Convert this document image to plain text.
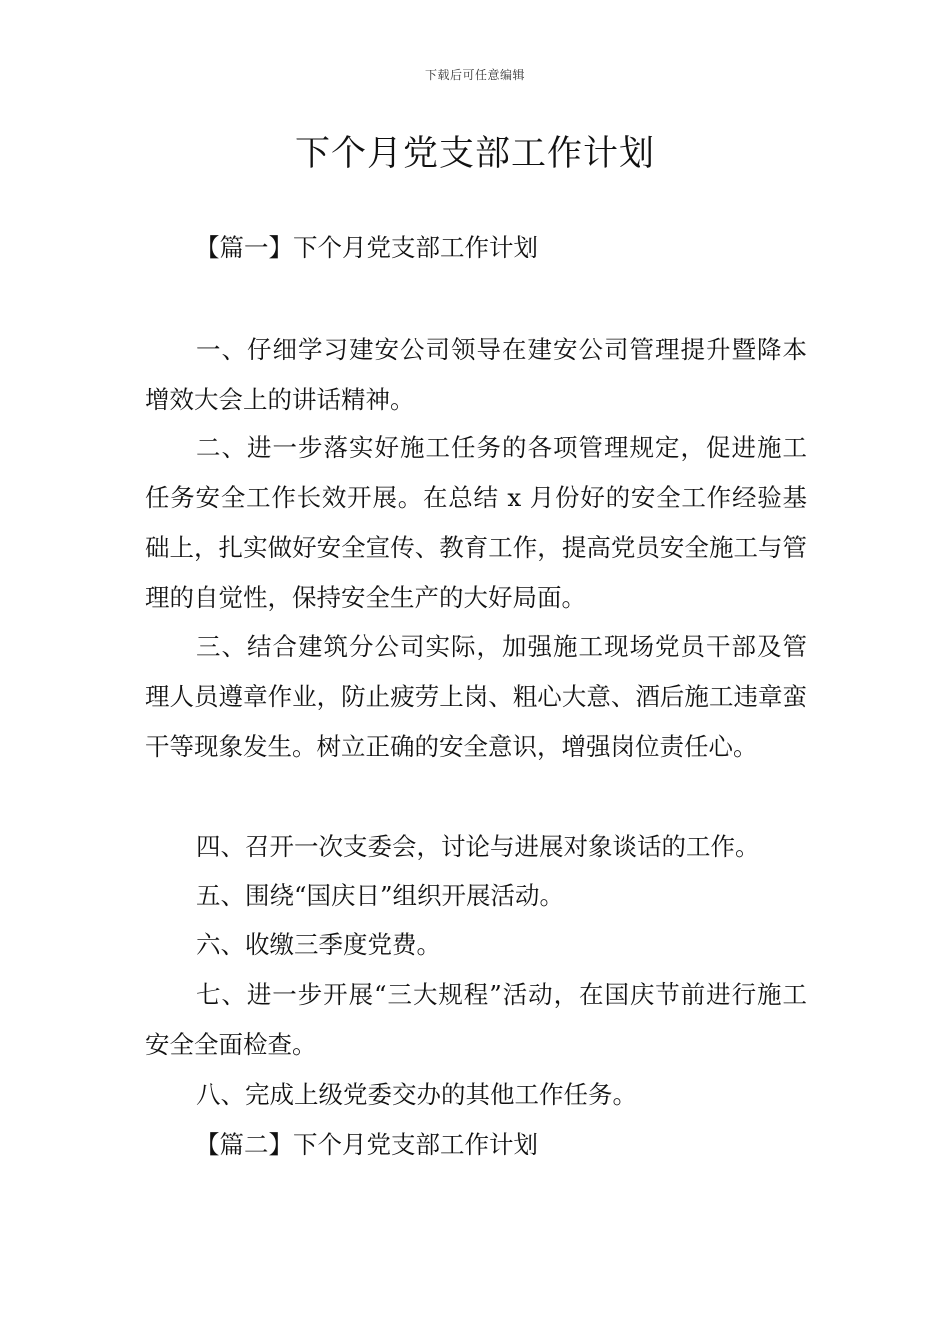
下载后可任意编辑
下个月党支部工作计划

【篇一】下个月党支部工作计划

一、仔细学习建安公司领导在建安公司管理提升暨降本增效大会上的讲话精神。

二、进一步落实好施工任务的各项管理规定，促进施工任务安全工作长效开展。在总结 x 月份好的安全工作经验基础上，扎实做好安全宣传、教育工作，提高党员安全施工与管理的自觉性，保持安全生产的大好局面。

三、结合建筑分公司实际，加强施工现场党员干部及管理人员遵章作业，防止疲劳上岗、粗心大意、酒后施工违章蛮干等现象发生。树立正确的安全意识，增强岗位责任心。

四、召开一次支委会，讨论与进展对象谈话的工作。

五、围绕“国庆日”组织开展活动。

六、收缴三季度党费。

七、进一步开展“三大规程”活动，在国庆节前进行施工安全全面检查。

八、完成上级党委交办的其他工作任务。

【篇二】下个月党支部工作计划
